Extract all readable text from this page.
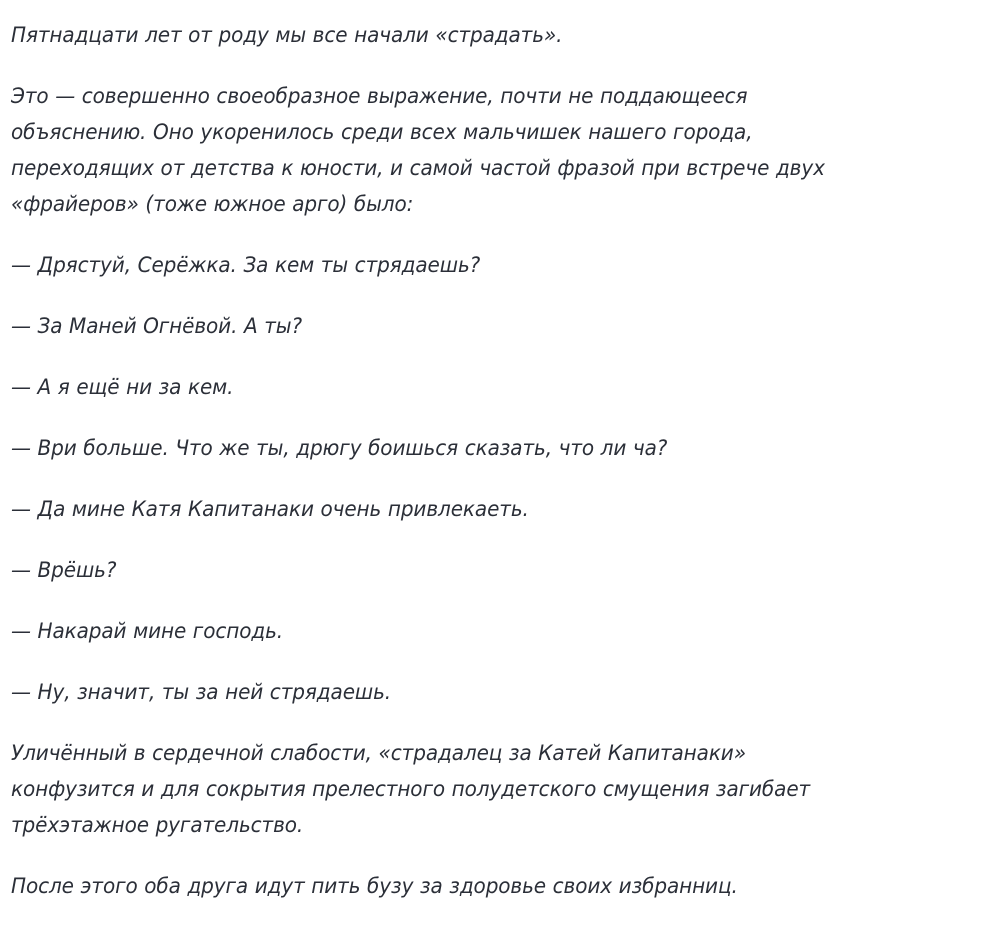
Пятнадцати лет от роду мы все начали «страдать».

Это — совершенно своеобразное выражение, почти не поддающееся объяснению. Оно укоренилось среди всех мальчишек нашего города, переходящих от детства к юности, и самой частой фразой при встрече двух «фрайеров» (тоже южное арго) было:

— Дрястуй, Серёжка. За кем ты стрядаешь?

— За Маней Огнёвой. А ты?

— А я ещё ни за кем.

— Ври больше. Что же ты, дрюгу боишься сказать, что ли ча?

— Да мине Катя Капитанаки очень привлекаеть.

— Врёшь?

— Накарай мине господь.

— Ну, значит, ты за ней стрядаешь.

Уличённый в сердечной слабости, «страдалец за Катей Капитанаки» конфузится и для сокрытия прелестного полудетского смущения загибает трёхэтажное ругательство.

После этого оба друга идут пить бузу за здоровье своих избранниц.
